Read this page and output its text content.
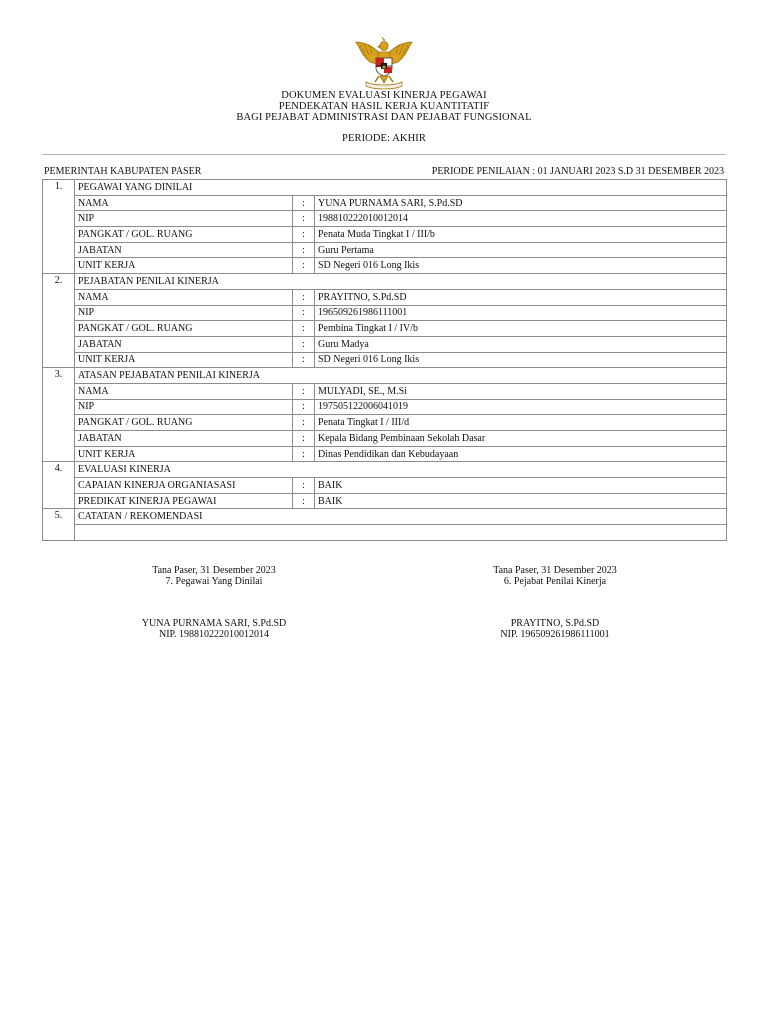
DOKUMEN EVALUASI KINERJA PEGAWAI
PENDEKATAN HASIL KERJA KUANTITATIF
BAGI PEJABAT ADMINISTRASI DAN PEJABAT FUNGSIONAL
PERIODE: AKHIR
PEMERINTAH KABUPATEN PASER	PERIODE PENILAIAN : 01 JANUARI 2023 S.D 31 DESEMBER 2023
1.	PEGAWAI YANG DINILAI		
	NAMA	:	YUNA PURNAMA SARI, S.Pd.SD
	NIP	:	198810222010012014
	PANGKAT / GOL. RUANG	:	Penata Muda Tingkat I / III/b
	JABATAN	:	Guru Pertama
	UNIT KERJA	:	SD Negeri 016 Long Ikis
2.	PEJABATAN PENILAI KINERJA		
	NAMA	:	PRAYITNO, S.Pd.SD
	NIP	:	196509261986111001
	PANGKAT / GOL. RUANG	:	Pembina Tingkat I / IV/b
	JABATAN	:	Guru Madya
	UNIT KERJA	:	SD Negeri 016 Long Ikis
3.	ATASAN PEJABATAN PENILAI KINERJA		
	NAMA	:	MULYADI, SE., M.Si
	NIP	:	197505122006041019
	PANGKAT / GOL. RUANG	:	Penata Tingkat I / III/d
	JABATAN	:	Kepala Bidang Pembinaan Sekolah Dasar
	UNIT KERJA	:	Dinas Pendidikan dan Kebudayaan
4.	EVALUASI KINERJA		
	CAPAIAN KINERJA ORGANIASASI	:	BAIK
	PREDIKAT KINERJA PEGAWAI	:	BAIK
5.	CATATAN / REKOMENDASI		

Tana Paser, 31 Desember 2023
7. Pegawai Yang Dinilai
YUNA PURNAMA SARI, S.Pd.SD
NIP. 198810222010012014
Tana Paser, 31 Desember 2023
6. Pejabat Penilai Kinerja
PRAYITNO, S.Pd.SD
NIP. 196509261986111001
